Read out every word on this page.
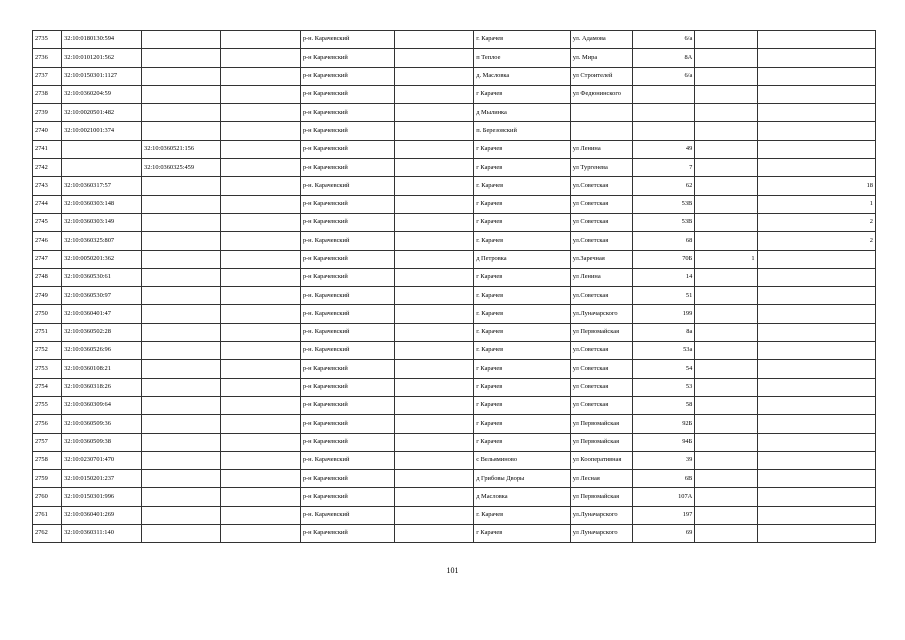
2735	32:10:0180130:594			р-н. Карачевский		г. Карачев	ул. Адамова	6/а		
2736	32:10:0101201:562			р-н Карачевский		п Теплое	ул. Мира	8А		
2737	32:10:0150301:1127			р-н Карачевский		д. Масловка	ул Строителей	6/а		
2738	32:10:0360204:59			р-н Карачевский		г Карачев	ул Федюнинского			
2739	32:10:0020501:482			р-н Карачевский		д Мылинка				
2740	32:10:0021001:374			р-н Карачевский		п. Березовский				
2741		32:10:0360521:156		р-н Карачевский		г Карачев	ул Ленина	49		
2742		32:10:0360325:459		р-н Карачевский		г Карачев	ул Тургенева	7		
2743	32:10:0360317:57			р-н. Карачевский		г. Карачев	ул.Советская	62		18
2744	32:10:0360303:148			р-н Карачевский		г Карачев	ул Советская	53В		1
2745	32:10:0360303:149			р-н Карачевский		г Карачев	ул Советская	53В		2
2746	32:10:0360325:807			р-н. Карачевский		г. Карачев	ул.Советская	68		2
2747	32:10:0050201:362			р-н Карачевский		д Петровка	ул.Заречная	70Б	1	
2748	32:10:0360530:61			р-н Карачевский		г Карачев	ул Ленина	14		
2749	32:10:0360530:97			р-н. Карачевский		г. Карачев	ул.Советская	51		
2750	32:10:0360401:47			р-н. Карачевский		г. Карачев	ул.Луначарского	199		
2751	32:10:0360502:28			р-н. Карачевский		г. Карачев	ул Первомайская	8а		
2752	32:10:0360526:96			р-н. Карачевский		г. Карачев	ул.Советская	53а		
2753	32:10:0360108:21			р-н Карачевский		г Карачев	ул Советская	54		
2754	32:10:0360318:26			р-н Карачевский		г Карачев	ул Советская	53		
2755	32:10:0360309:64			р-н Карачевский		г Карачев	ул Советская	58		
2756	32:10:0360509:36			р-н Карачевский		г Карачев	ул Первомайская	92Б		
2757	32:10:0360509:38			р-н Карачевский		г Карачев	ул Первомайская	94Б		
2758	32:10:0230701:470			р-н. Карачевский		с Вельяминово	ул Кооперативная	39		
2759	32:10:0150201:237			р-н Карачевский		д Грибовы Дворы	ул Лесная	6В		
2760	32:10:0150301:996			р-н Карачевский		д Масловка	ул Первомайская	107А		
2761	32:10:0360401:269			р-н. Карачевский		г. Карачев	ул.Луначарского	197		
2762	32:10:0360311:140			р-н Карачевский		г Карачев	ул Луначарского	69		
101
